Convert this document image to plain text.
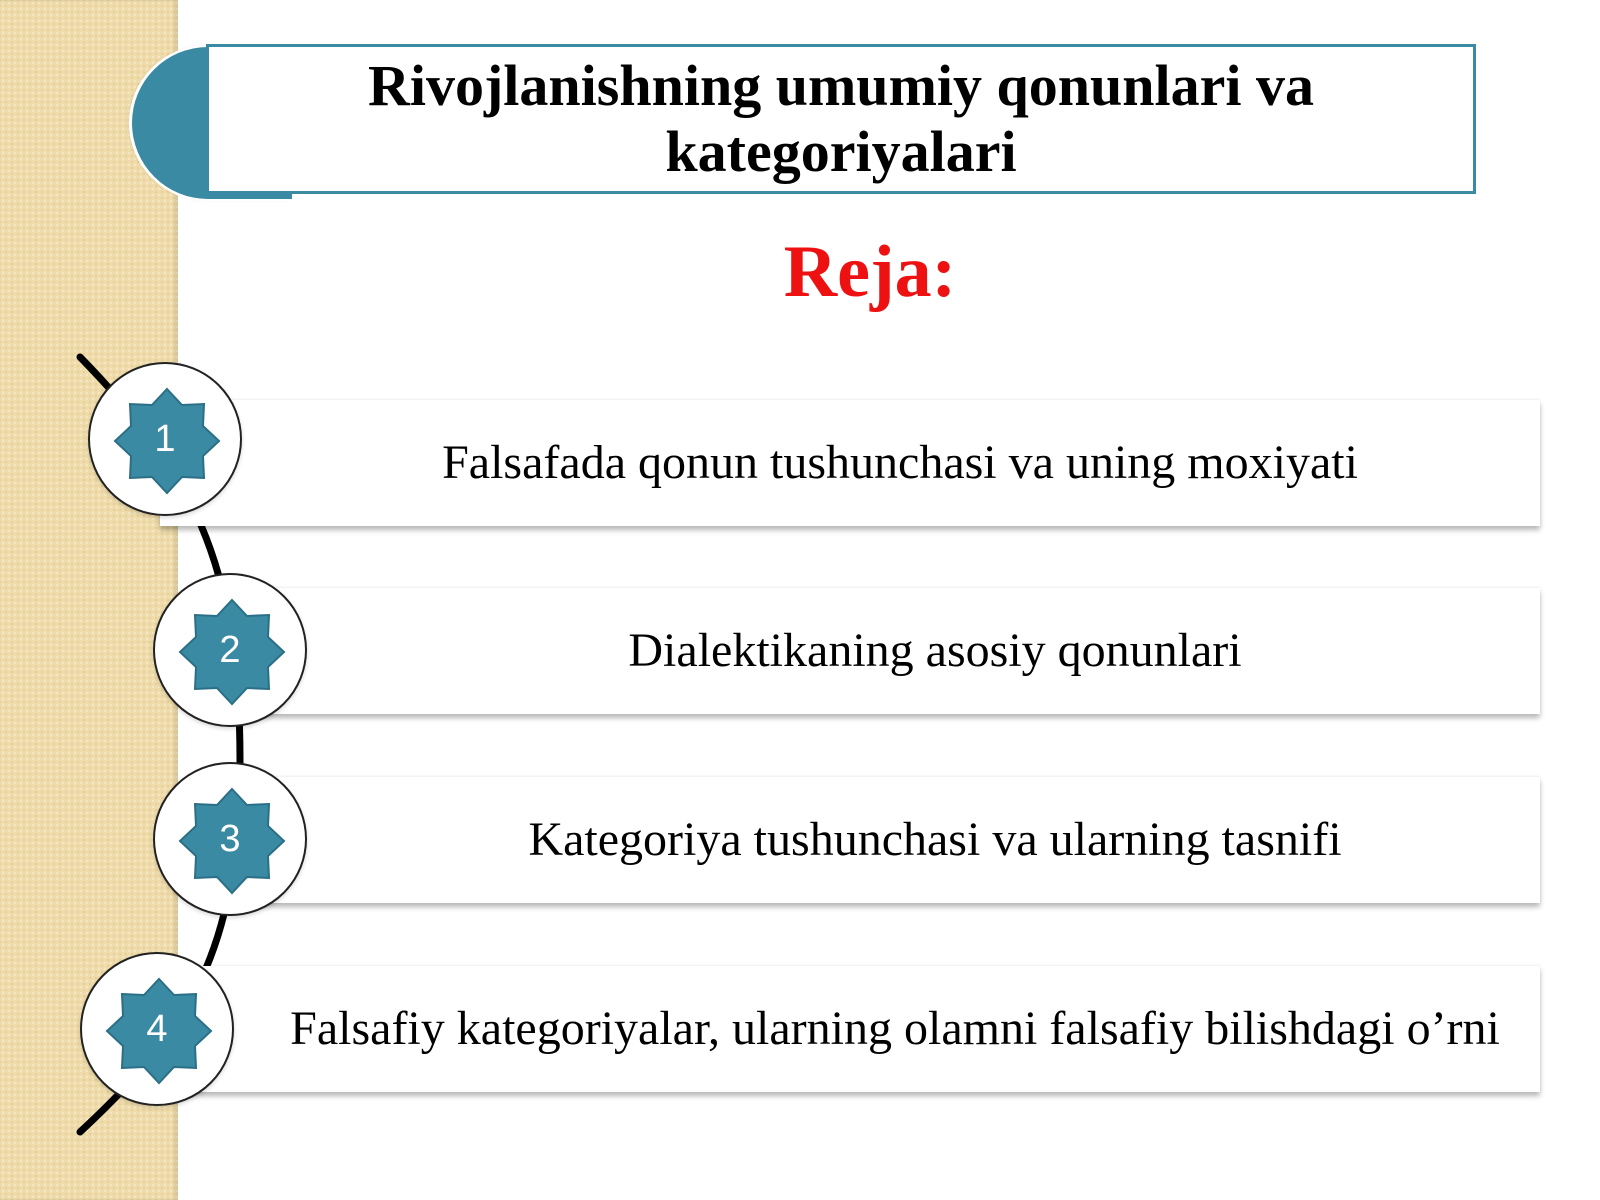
Rivojlanishning umumiy qonunlari va kategoriyalari
Reja:
Falsafada qonun tushunchasi va uning moxiyati
Dialektikaning asosiy qonunlari
Kategoriya tushunchasi va ularning tasnifi
Falsafiy kategoriyalar, ularning olamni falsafiy bilishdagi o’rni
1
2
3
4
